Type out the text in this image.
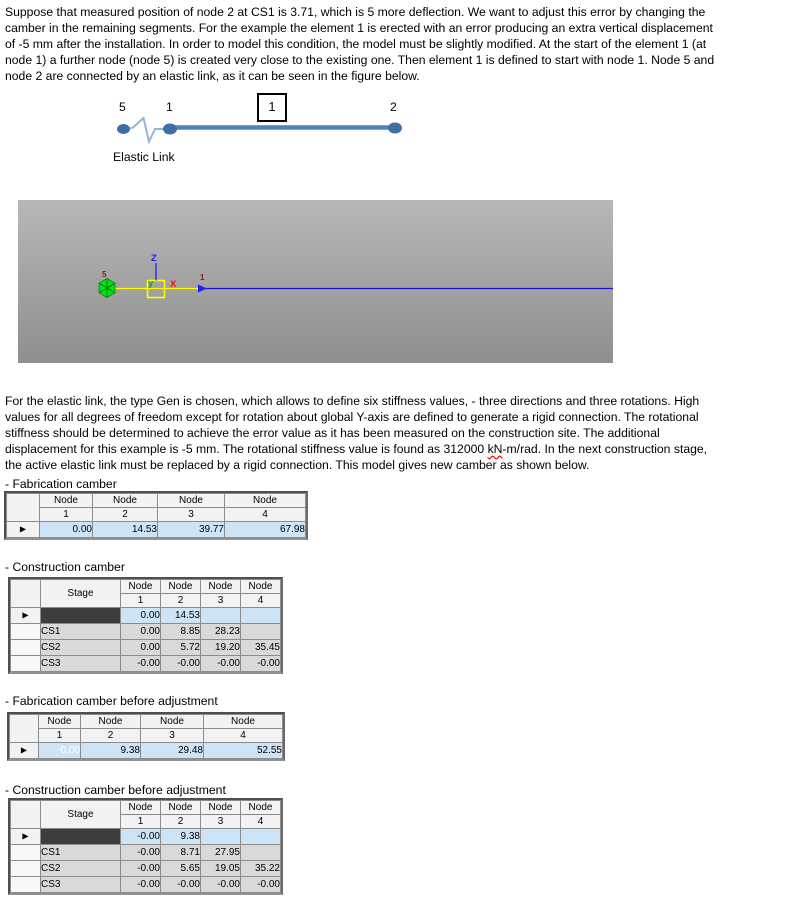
Suppose that measured position of node 2 at CS1 is 3.71, which is 5 more deflection. We want to adjust this error by changing the
camber in the remaining segments. For the example the element 1 is erected with an error producing an extra vertical displacement
of -5 mm after the installation. In order to model this condition, the model must be slightly modified. At the start of the element 1 (at
node 1) a further node (node 5) is created very close to the existing one. Then element 1 is defined to start with node 1. Node 5 and
node 2 are connected by an elastic link, as it can be seen in the figure below.
5	1	2
1
Elastic Link
Z
y X
5	1
For the elastic link, the type Gen is chosen, which allows to define six stiffness values, - three directions and three rotations. High
values for all degrees of freedom except for rotation about global Y-axis are defined to generate a rigid connection. The rotational
stiffness should be determined to achieve the error value as it has been measured on the construction site. The additional
displacement for this example is -5 mm. The rotational stiffness value is found as 312000 kN-m/rad. In the next construction stage,
the active elastic link must be replaced by a rigid connection. This model gives new camber as shown below.
- Fabrication camber
	Node	Node	Node	Node
	1	2	3	4
▶	0.00	14.53	39.77	67.98
- Construction camber
	Stage	Node	Node	Node	Node
		1	2	3	4
▶		0.00	14.53		
	CS1	0.00	8.85	28.23	
	CS2	0.00	5.72	19.20	35.45
	CS3	-0.00	-0.00	-0.00	-0.00
- Fabrication camber before adjustment
	Node	Node	Node	Node
	1	2	3	4
▶	-0.00	9.38	29.48	52.55
- Construction camber before adjustment
	Stage	Node	Node	Node	Node
		1	2	3	4
▶		-0.00	9.38		
	CS1	-0.00	8.71	27.95	
	CS2	-0.00	5.65	19.05	35.22
	CS3	-0.00	-0.00	-0.00	-0.00
